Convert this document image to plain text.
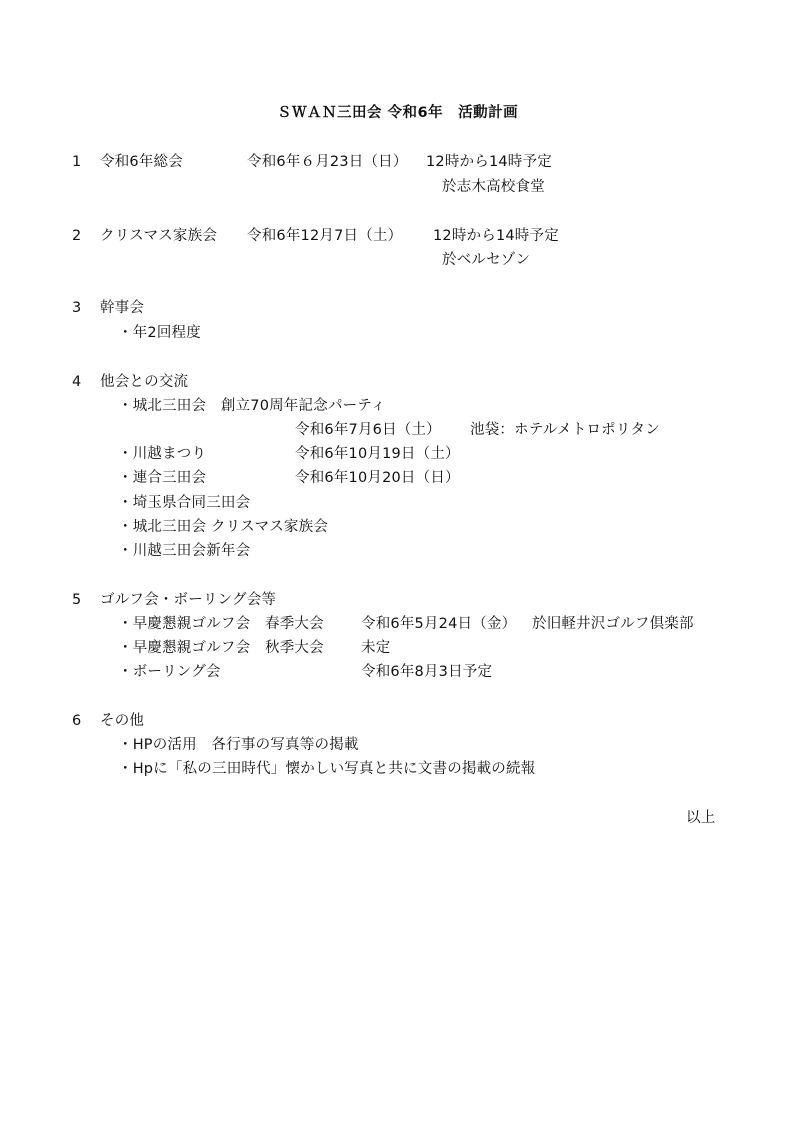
ＳＷＡＮ三田会 令和6年　活動計画
1 令和6年総会	令和6年６月23日（日） 12時から14時予定
於志木高校食堂
2 クリスマス家族会 令和6年12月7日（土） 12時から14時予定
於ベルセゾン
3 幹事会
・年2回程度
4 他会との交流
・城北三田会　創立70周年記念パーティ
令和6年7月6日（土） 池袋：ホテルメトロポリタン
・川越まつり	令和6年10月19日（土）
・連合三田会	令和6年10月20日（日）
・埼玉県合同三田会
・城北三田会 クリスマス家族会
・川越三田会新年会
5 ゴルフ会・ボーリング会等
・早慶懇親ゴルフ会　春季大会	令和6年5月24日（金） 於旧軽井沢ゴルフ倶楽部
・早慶懇親ゴルフ会　秋季大会	未定
・ボーリング会	令和6年8月3日予定
6 その他
・HPの活用　各行事の写真等の掲載
・Hpに「私の三田時代」懐かしい写真と共に文書の掲載の続報
以上
